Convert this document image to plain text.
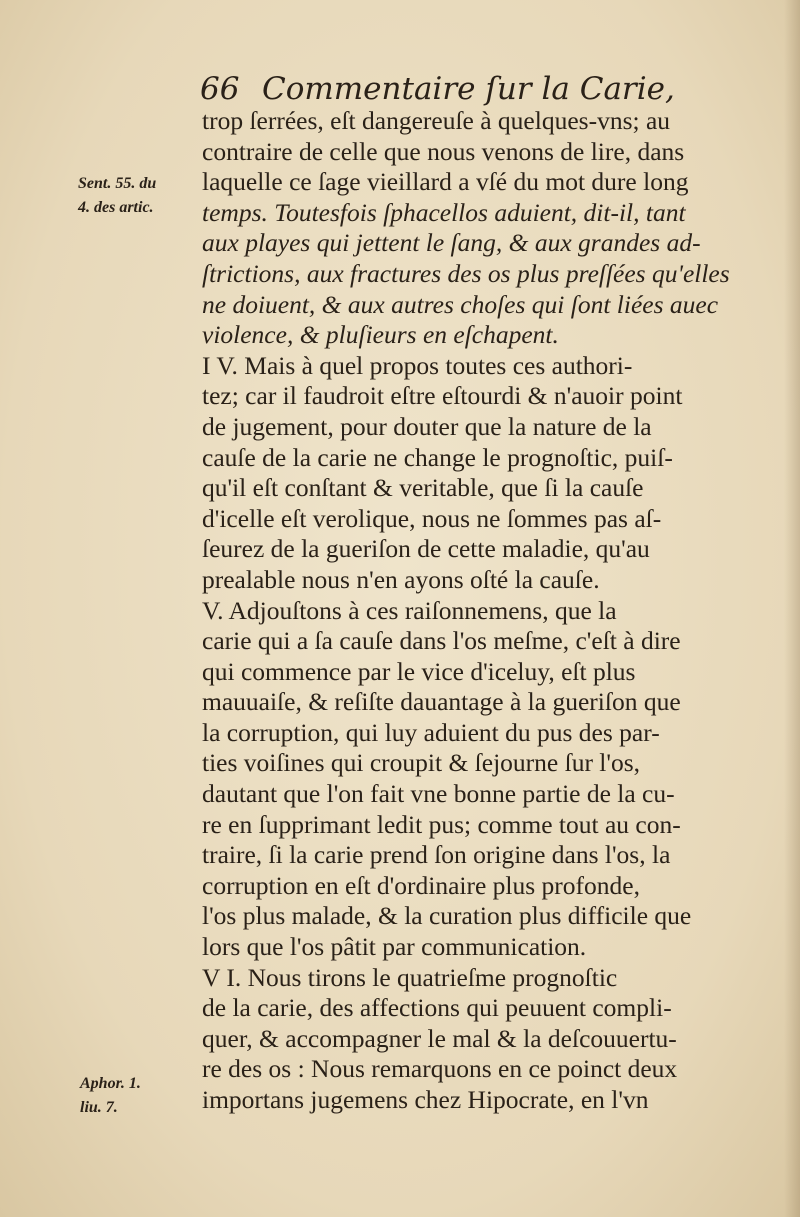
66 Commentaire ſur la Carie,
Sent. 55. du
4. des artic.
Aphor. 1.
liu. 7.
trop ſerrées, eſt dangereuſe à quelques-vns; au
contraire de celle que nous venons de lire, dans
laquelle ce ſage vieillard a vſé du mot dure long
temps. Toutesfois ſphacellos aduient, dit-il, tant
aux playes qui jettent le ſang, & aux grandes ad-
ſtrictions, aux fractures des os plus preſſées qu'elles
ne doiuent, & aux autres choſes qui ſont liées auec
violence, & pluſieurs en eſchapent.
I V. Mais à quel propos toutes ces authori-
tez; car il faudroit eſtre eſtourdi & n'auoir point
de jugement, pour douter que la nature de la
cauſe de la carie ne change le prognoſtic, puiſ-
qu'il eſt conſtant & veritable, que ſi la cauſe
d'icelle eſt verolique, nous ne ſommes pas aſ-
ſeurez de la gueriſon de cette maladie, qu'au
prealable nous n'en ayons oſté la cauſe.
V. Adjouſtons à ces raiſonnemens, que la
carie qui a ſa cauſe dans l'os meſme, c'eſt à dire
qui commence par le vice d'iceluy, eſt plus
mauuaiſe, & reſiſte dauantage à la gueriſon que
la corruption, qui luy aduient du pus des par-
ties voiſines qui croupit & ſejourne ſur l'os,
dautant que l'on fait vne bonne partie de la cu-
re en ſupprimant ledit pus; comme tout au con-
traire, ſi la carie prend ſon origine dans l'os, la
corruption en eſt d'ordinaire plus profonde,
l'os plus malade, & la curation plus difficile que
lors que l'os pâtit par communication.
V I. Nous tirons le quatrieſme prognoſtic
de la carie, des affections qui peuuent compli-
quer, & accompagner le mal & la deſcouuertu-
re des os : Nous remarquons en ce poinct deux
importans jugemens chez Hipocrate, en l'vn
